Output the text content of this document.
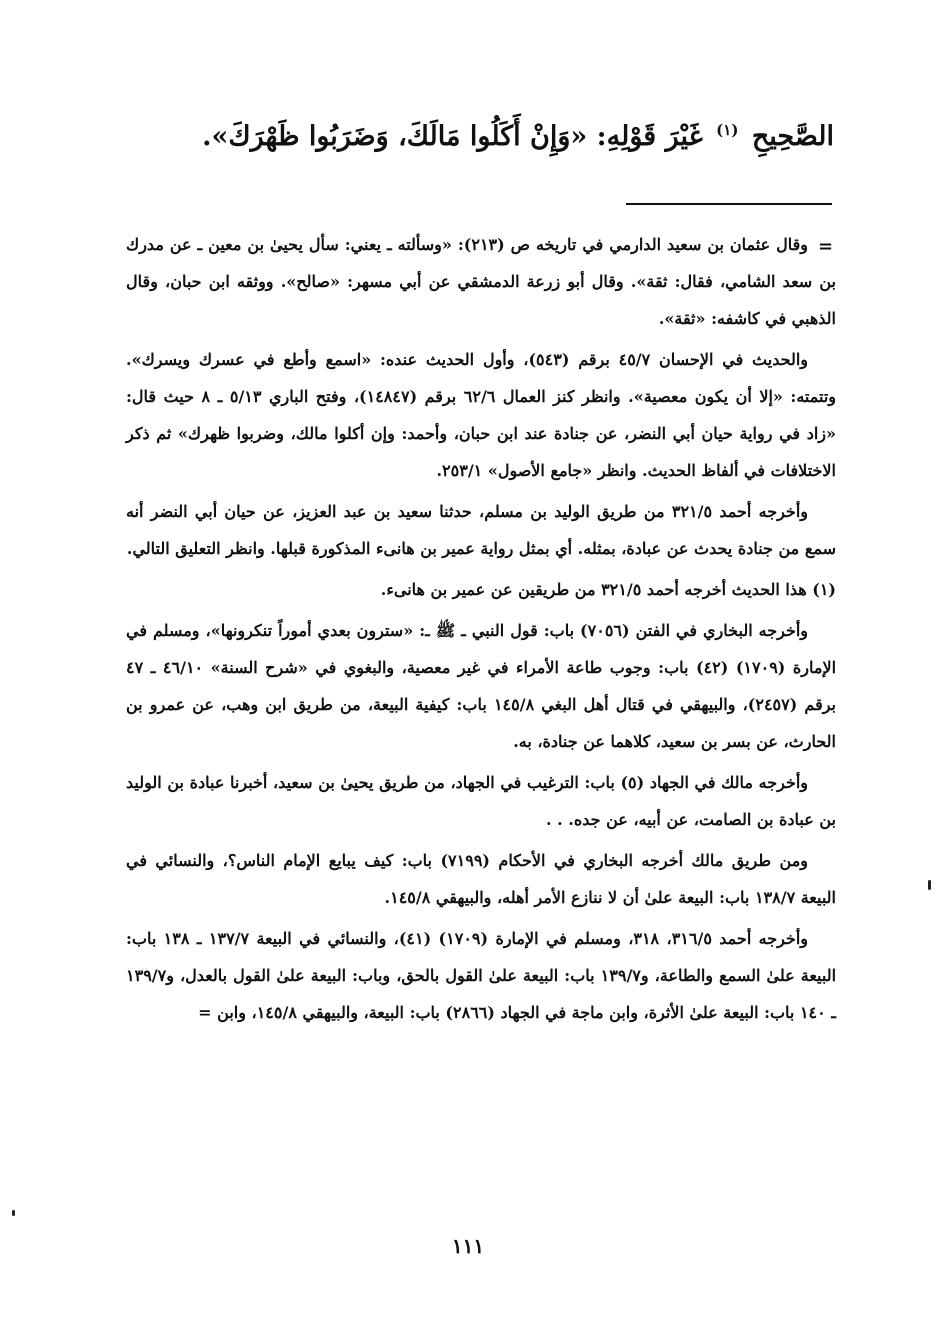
الصَّحِيحِ $^{(١)}$ غَيْرَ قَوْلِهِ: «وَإِنْ أَكَلُوا مَالَكَ، وَضَرَبُوا ظَهْرَكَ».
=

وقال عثمان بن سعيد الدارمي في تاريخه ص (٢١٣): «وسألته ـ يعني: سأل يحيىٰ بن معين ـ عن مدرك بن سعد الشامي، فقال: ثقة». وقال أبو زرعة الدمشقي عن أبي مسهر: «صالح». ووثقه ابن حبان، وقال الذهبي في كاشفه: «ثقة».

والحديث في الإحسان ٤٥/٧ برقم (٥٤٣)، وأول الحديث عنده: «اسمع وأطع في عسرك ويسرك». وتتمته: «إلا أن يكون معصية». وانظر كنز العمال ٦٢/٦ برقم (١٤٨٤٧)، وفتح الباري ٥/١٣ ـ ٨ حيث قال: «زاد في رواية حيان أبي النضر، عن جنادة عند ابن حبان، وأحمد: وإن أكلوا مالك، وضربوا ظهرك» ثم ذكر الاختلافات في ألفاظ الحديث. وانظر «جامع الأصول» ٢٥٣/١.

وأخرجه أحمد ٣٢١/٥ من طريق الوليد بن مسلم، حدثنا سعيد بن عبد العزيز، عن حيان أبي النضر أنه سمع من جنادة يحدث عن عبادة، بمثله. أي بمثل رواية عمير بن هانىء المذكورة قبلها. وانظر التعليق التالي.

(١) هذا الحديث أخرجه أحمد ٣٢١/٥ من طريقين عن عمير بن هانىء.

وأخرجه البخاري في الفتن (٧٠٥٦) باب: قول النبي ـ ﷺ ـ: «سترون بعدي أموراً تنكرونها»، ومسلم في الإمارة (١٧٠٩) (٤٢) باب: وجوب طاعة الأمراء في غير معصية، والبغوي في «شرح السنة» ٤٦/١٠ ـ ٤٧ برقم (٢٤٥٧)، والبيهقي في قتال أهل البغي ١٤٥/٨ باب: كيفية البيعة، من طريق ابن وهب، عن عمرو بن الحارث، عن بسر بن سعيد، كلاهما عن جنادة، به.

وأخرجه مالك في الجهاد (٥) باب: الترغيب في الجهاد، من طريق يحيىٰ بن سعيد، أخبرنا عبادة بن الوليد بن عبادة بن الصامت، عن أبيه، عن جده. . .

ومن طريق مالك أخرجه البخاري في الأحكام (٧١٩٩) باب: كيف يبايع الإمام الناس؟، والنسائي في البيعة ١٣٨/٧ باب: البيعة علىٰ أن لا ننازع الأمر أهله، والبيهقي ١٤٥/٨.

وأخرجه أحمد ٣١٦/٥، ٣١٨، ومسلم في الإمارة (١٧٠٩) (٤١)، والنسائي في البيعة ١٣٧/٧ ـ ١٣٨ باب: البيعة علىٰ السمع والطاعة، و١٣٩/٧ باب: البيعة علىٰ القول بالحق، وباب: البيعة علىٰ القول بالعدل، و١٣٩/٧ ـ ١٤٠ باب: البيعة علىٰ الأثرة، وابن ماجة في الجهاد (٢٨٦٦) باب: البيعة، والبيهقي ١٤٥/٨، وابن =

١١١
